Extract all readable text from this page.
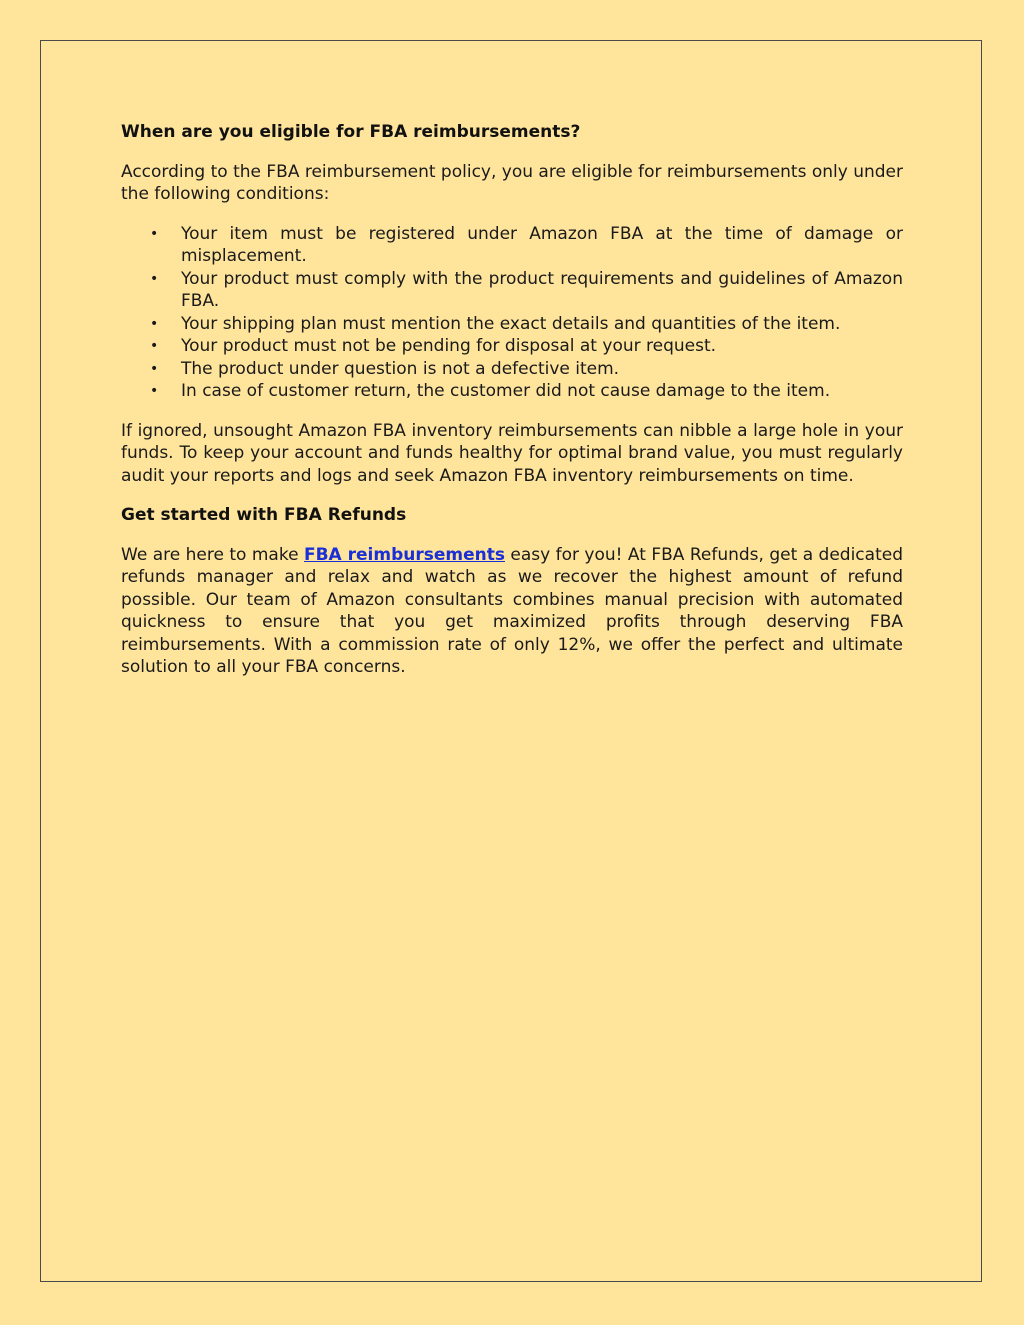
When are you eligible for FBA reimbursements?

According to the FBA reimbursement policy, you are eligible for reimbursements only under the following conditions:

• Your item must be registered under Amazon FBA at the time of damage or misplacement.
• Your product must comply with the product requirements and guidelines of Amazon FBA.
• Your shipping plan must mention the exact details and quantities of the item.
• Your product must not be pending for disposal at your request.
• The product under question is not a defective item.
• In case of customer return, the customer did not cause damage to the item.

If ignored, unsought Amazon FBA inventory reimbursements can nibble a large hole in your funds. To keep your account and funds healthy for optimal brand value, you must regularly audit your reports and logs and seek Amazon FBA inventory reimbursements on time.

Get started with FBA Refunds

We are here to make FBA reimbursements easy for you! At FBA Refunds, get a dedicated refunds manager and relax and watch as we recover the highest amount of refund possible. Our team of Amazon consultants combines manual precision with automated quickness to ensure that you get maximized profits through deserving FBA reimbursements. With a commission rate of only 12%, we offer the perfect and ultimate solution to all your FBA concerns.
